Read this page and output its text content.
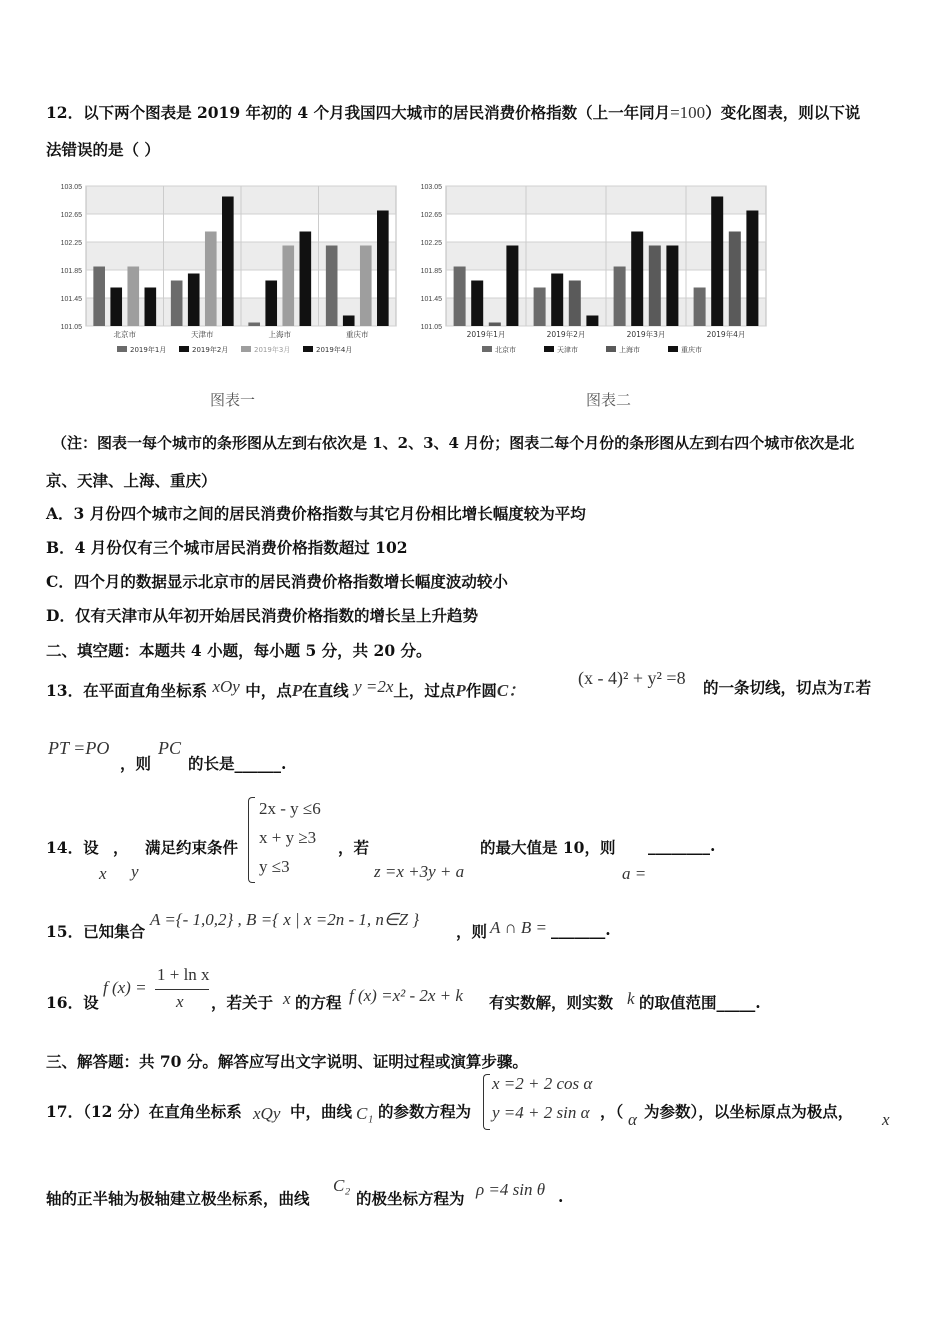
12．以下两个图表是 2019 年初的 4 个月我国四大城市的居民消费价格指数（上一年同月=100）变化图表，则以下说
法错误的是（ ）
103.05
102.65
102.25
101.85
101.45
101.05
北京市	天津市	上海市	重庆市
2019年1月	2019年2月	2019年3月	2019年4月
103.05
102.65
102.25
101.85
101.45
101.05
2019年1月	2019年2月	2019年3月	2019年4月
北京市	天津市	上海市	重庆市
图表一	图表二
（注：图表一每个城市的条形图从左到右依次是 1、2、3、4 月份；图表二每个月份的条形图从左到右四个城市依次是北
京、天津、上海、重庆）
A．3 月份四个城市之间的居民消费价格指数与其它月份相比增长幅度较为平均
B．4 月份仅有三个城市居民消费价格指数超过 102
C．四个月的数据显示北京市的居民消费价格指数增长幅度波动较小
D．仅有天津市从年初开始居民消费价格指数的增长呈上升趋势
二、填空题：本题共 4 小题，每小题 5 分，共 20 分。
13．在平面直角坐标系 xOy 中，点P在直线 y =2x上，过点P作圆C：
(x - 4)² + y² =8 的一条切线，切点为T.若
PT =PO
，则
PC
的长是______.
14．设 ，
x y
满足约束条件
2x - y ≤6
x + y ≥3
y ≤3
，若
z =x +3y + a
的最大值是 10，则 ________.
a =
15．已知集合
A ={- 1,0,2} , B ={ x | x =2n - 1, n∈Z }
，则 A ∩ B = _______.
16．设
f (x) =
1 + ln x
x ，若关于 x 的方程 f (x) =x² - 2x + k 有实数解，则实数 k 的取值范围_____.
三、解答题：共 70 分。解答应写出文字说明、证明过程或演算步骤。
17．（12 分）在直角坐标系 xQy 中，曲线 C₁ 的参数方程为
x =2 + 2 cos α
y =4 + 2 sin α ，（ α 为参数），以坐标原点为极点， x
轴的正半轴为极轴建立极坐标系，曲线
C₂
的极坐标方程为 ρ =4 sin θ .
